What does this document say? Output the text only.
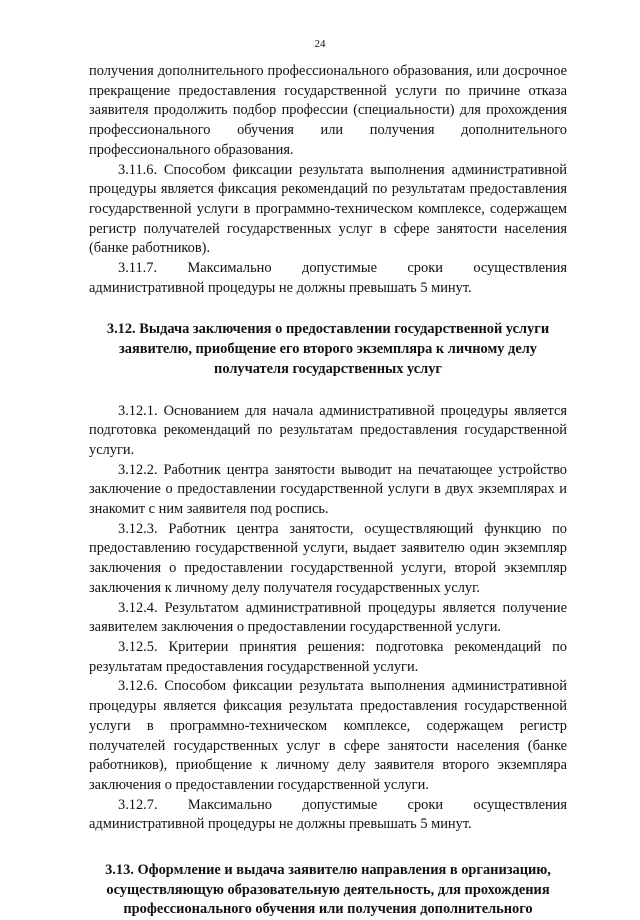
24

получения дополнительного профессионального образования, или досрочное прекращение предоставления государственной услуги по причине отказа заявителя продолжить подбор профессии (специальности) для прохождения профессионального обучения или получения дополнительного профессионального образования.

3.11.6. Способом фиксации результата выполнения административной процедуры является фиксация рекомендаций по результатам предоставления государственной услуги в программно-техническом комплексе, содержащем регистр получателей государственных услуг в сфере занятости населения (банке работников).

3.11.7. Максимально допустимые сроки осуществления административной процедуры не должны превышать 5 минут.

3.12. Выдача заключения о предоставлении государственной услуги заявителю, приобщение его второго экземпляра к личному делу получателя государственных услуг

3.12.1. Основанием для начала административной процедуры является подготовка рекомендаций по результатам предоставления государственной услуги.

3.12.2. Работник центра занятости выводит на печатающее устройство заключение о предоставлении государственной услуги в двух экземплярах и знакомит с ним заявителя под роспись.

3.12.3. Работник центра занятости, осуществляющий функцию по предоставлению государственной услуги, выдает заявителю один экземпляр заключения о предоставлении государственной услуги, второй экземпляр заключения к личному делу получателя государственных услуг.

3.12.4. Результатом административной процедуры является получение заявителем заключения о предоставлении государственной услуги.

3.12.5. Критерии принятия решения: подготовка рекомендаций по результатам предоставления государственной услуги.

3.12.6. Способом фиксации результата выполнения административной процедуры является фиксация результата предоставления государственной услуги в программно-техническом комплексе, содержащем регистр получателей государственных услуг в сфере занятости населения (банке работников), приобщение к личному делу заявителя второго экземпляра заключения о предоставлении государственной услуги.

3.12.7. Максимально допустимые сроки осуществления административной процедуры не должны превышать 5 минут.

3.13. Оформление и выдача заявителю направления в организацию, осуществляющую образовательную деятельность, для прохождения профессионального обучения или получения дополнительного
